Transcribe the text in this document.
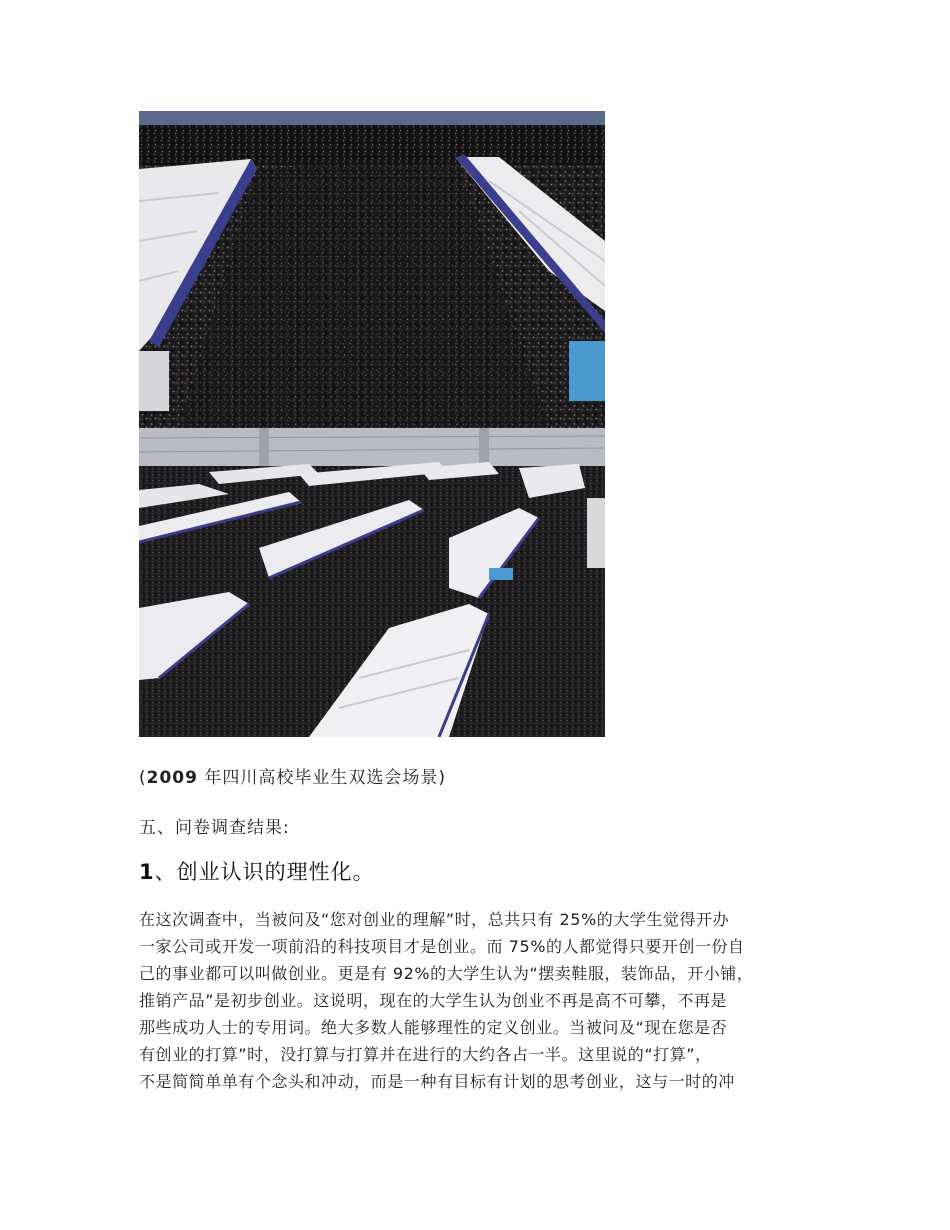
(2009 年四川高校毕业生双选会场景)
五、问卷调查结果:
1、创业认识的理性化。
在这次调查中，当被问及“您对创业的理解”时，总共只有 25%的大学生觉得开办
一家公司或开发一项前沿的科技项目才是创业。而 75%的人都觉得只要开创一份自
己的事业都可以叫做创业。更是有 92%的大学生认为“摆卖鞋服，装饰品，开小铺，
推销产品”是初步创业。这说明，现在的大学生认为创业不再是高不可攀，不再是
那些成功人士的专用词。绝大多数人能够理性的定义创业。当被问及“现在您是否
有创业的打算”时，没打算与打算并在进行的大约各占一半。这里说的“打算”，
不是简简单单有个念头和冲动，而是一种有目标有计划的思考创业，这与一时的冲
